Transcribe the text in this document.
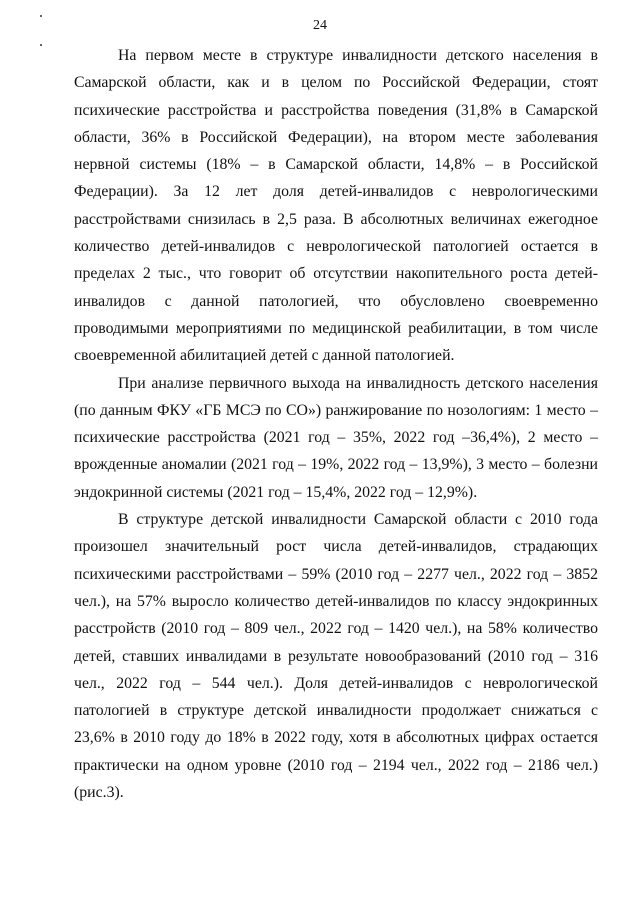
24

На первом месте в структуре инвалидности детского населения в Самарской области, как и в целом по Российской Федерации, стоят психические расстройства и расстройства поведения (31,8% в Самарской области, 36% в Российской Федерации), на втором месте заболевания нервной системы (18% – в Самарской области, 14,8% – в Российской Федерации). За 12 лет доля детей-инвалидов с неврологическими расстройствами снизилась в 2,5 раза. В абсолютных величинах ежегодное количество детей-инвалидов с неврологической патологией остается в пределах 2 тыс., что говорит об отсутствии накопительного роста детей-инвалидов с данной патологией, что обусловлено своевременно проводимыми мероприятиями по медицинской реабилитации, в том числе своевременной абилитацией детей с данной патологией.

При анализе первичного выхода на инвалидность детского населения (по данным ФКУ «ГБ МСЭ по СО») ранжирование по нозологиям: 1 место – психические расстройства (2021 год – 35%, 2022 год –36,4%), 2 место – врожденные аномалии (2021 год – 19%, 2022 год – 13,9%), 3 место – болезни эндокринной системы (2021 год – 15,4%, 2022 год – 12,9%).

В структуре детской инвалидности Самарской области с 2010 года произошел значительный рост числа детей-инвалидов, страдающих психическими расстройствами – 59% (2010 год – 2277 чел., 2022 год – 3852 чел.), на 57% выросло количество детей-инвалидов по классу эндокринных расстройств (2010 год – 809 чел., 2022 год – 1420 чел.), на 58% количество детей, ставших инвалидами в результате новообразований (2010 год – 316 чел., 2022 год – 544 чел.). Доля детей-инвалидов с неврологической патологией в структуре детской инвалидности продолжает снижаться с 23,6% в 2010 году до 18% в 2022 году, хотя в абсолютных цифрах остается практически на одном уровне (2010 год – 2194 чел., 2022 год – 2186 чел.) (рис.3).
